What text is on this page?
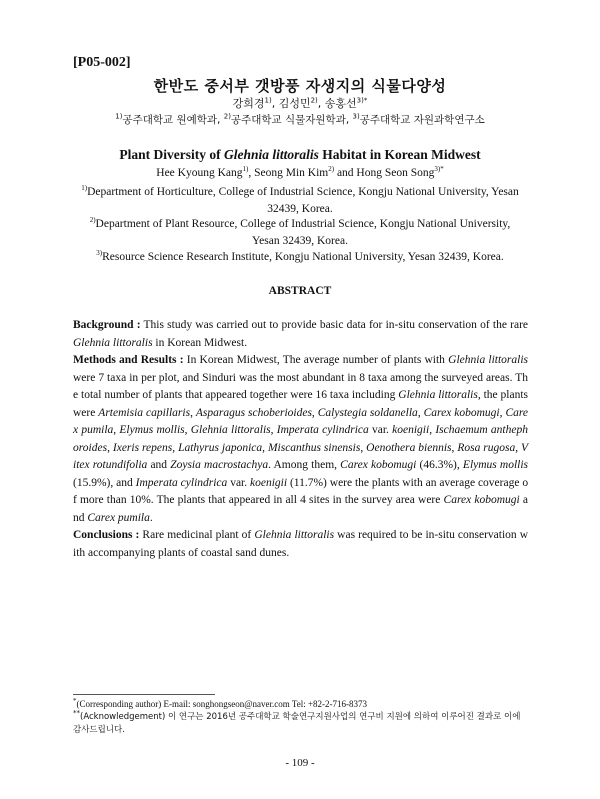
[P05-002]
한반도 중서부 갯방풍 자생지의 식물다양성
강희경$^{1)}$, 김성민$^{2)}$, 송홍선$^{3)*}$
$^{1)}$공주대학교 원예학과, $^{2)}$공주대학교 식물자원학과, $^{3)}$공주대학교 자원과학연구소
Plant Diversity of Glehnia littoralis Habitat in Korean Midwest
Hee Kyoung Kang$^{1)}$, Seong Min Kim$^{2)}$ and Hong Seon Song$^{3)*}$
$^{1)}$Department of Horticulture, College of Industrial Science, Kongju National University, Yesan
32439, Korea.
$^{2)}$Department of Plant Resource, College of Industrial Science, Kongju National University,
Yesan 32439, Korea.
$^{3)}$Resource Science Research Institute, Kongju National University, Yesan 32439, Korea.
ABSTRACT

Background : This study was carried out to provide basic data for in-situ conservation of the rare Glehnia littoralis in Korean Midwest.

Methods and Results : In Korean Midwest, The average number of plants with Glehnia littoralis were 7 taxa in per plot, and Sinduri was the most abundant in 8 taxa among the surveyed areas. The total number of plants that appeared together were 16 taxa including Glehnia littoralis, the plants were Artemisia capillaris, Asparagus schoberioides, Calystegia soldanella, Carex kobomugi, Carex pumila, Elymus mollis, Glehnia littoralis, Imperata cylindrica var. koenigii, Ischaemum anthephoroides, Ixeris repens, Lathyrus japonica, Miscanthus sinensis, Oenothera biennis, Rosa rugosa, Vitex rotundifolia and Zoysia macrostachya. Among them, Carex kobomugi (46.3%), Elymus mollis (15.9%), and Imperata cylindrica var. koenigii (11.7%) were the plants with an average coverage of more than 10%. The plants that appeared in all 4 sites in the survey area were Carex kobomugi and Carex pumila.

Conclusions : Rare medicinal plant of Glehnia littoralis was required to be in-situ conservation with accompanying plants of coastal sand dunes.

*(Corresponding author) E-mail: songhongseon@naver.com Tel: +82-2-716-8373

**(Acknowledgement) 이 연구는 2016년 공주대학교 학술연구지원사업의 연구비 지원에 의하여 이루어진 결과로 이에 감사드립니다.

- 109 -
